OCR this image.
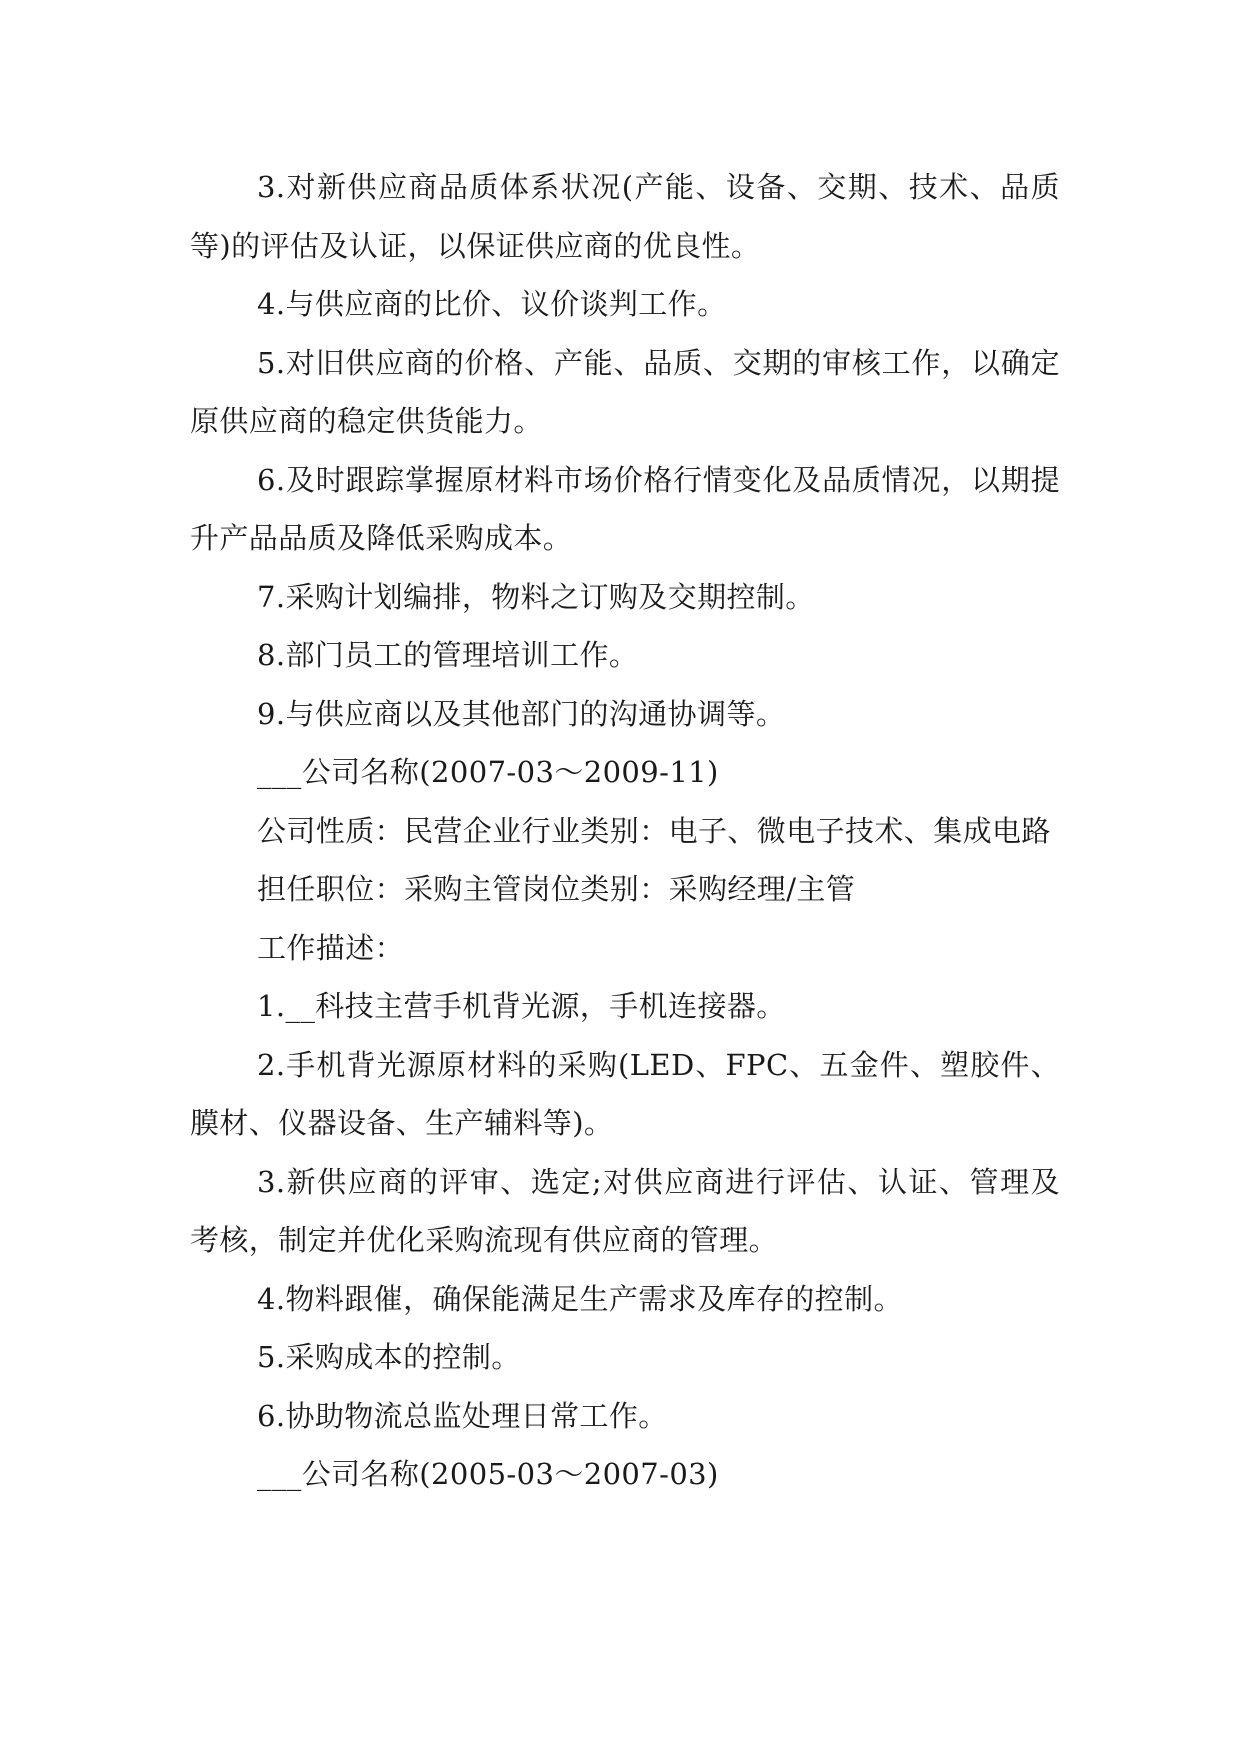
3.对新供应商品质体系状况(产能、设备、交期、技术、品质等)的评估及认证，以保证供应商的优良性。

4.与供应商的比价、议价谈判工作。

5.对旧供应商的价格、产能、品质、交期的审核工作，以确定原供应商的稳定供货能力。

6.及时跟踪掌握原材料市场价格行情变化及品质情况，以期提升产品品质及降低采购成本。

7.采购计划编排，物料之订购及交期控制。

8.部门员工的管理培训工作。

9.与供应商以及其他部门的沟通协调等。

___公司名称(2007-03～2009-11)

公司性质：民营企业行业类别：电子、微电子技术、集成电路

担任职位：采购主管岗位类别：采购经理/主管

工作描述：

1.__科技主营手机背光源，手机连接器。

2.手机背光源原材料的采购(LED、FPC、五金件、塑胶件、膜材、仪器设备、生产辅料等)。

3.新供应商的评审、选定;对供应商进行评估、认证、管理及考核，制定并优化采购流现有供应商的管理。

4.物料跟催，确保能满足生产需求及库存的控制。

5.采购成本的控制。

6.协助物流总监处理日常工作。

___公司名称(2005-03～2007-03)
